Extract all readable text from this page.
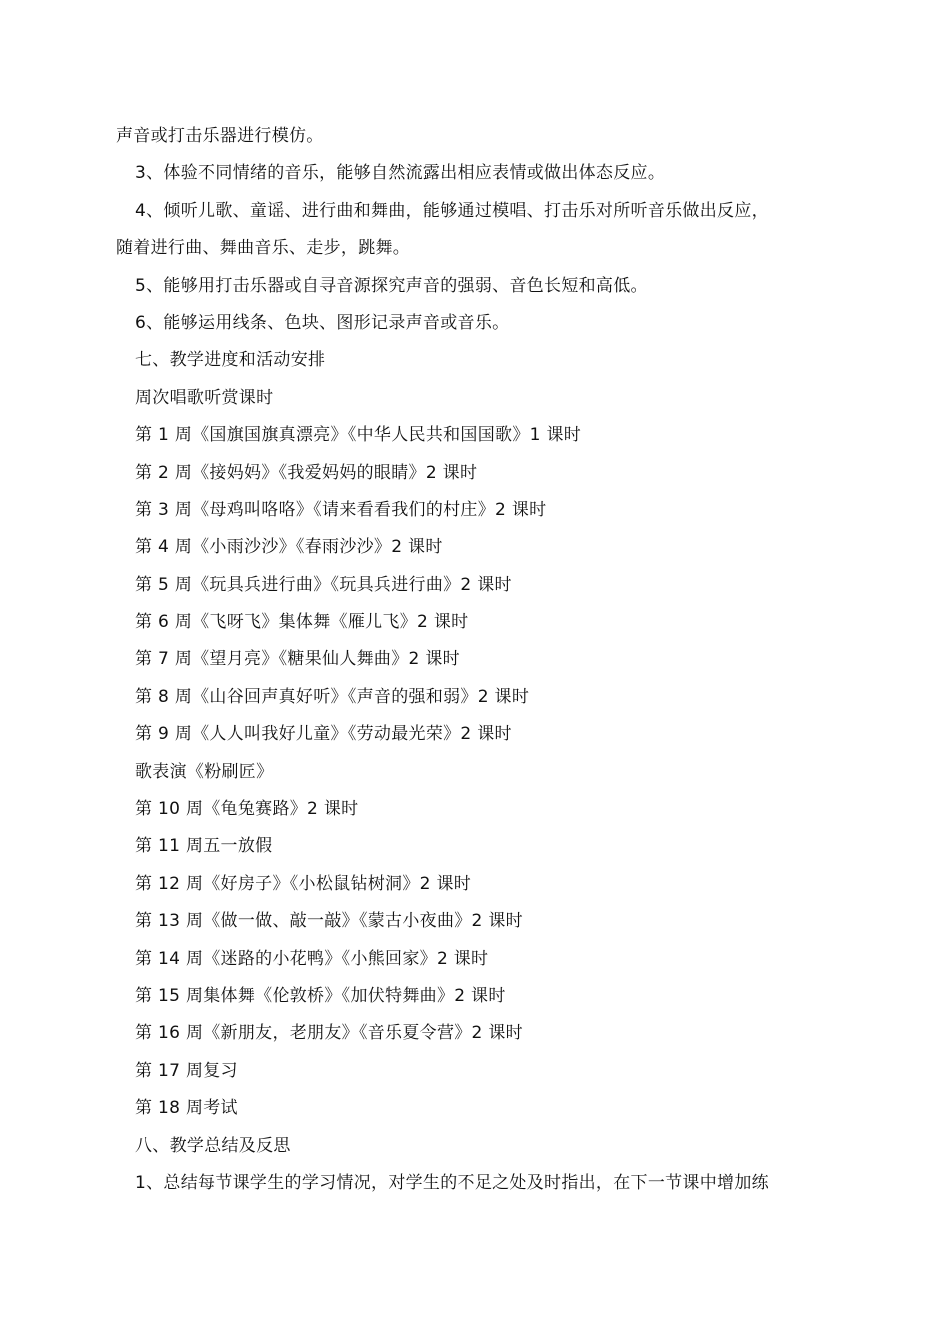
声音或打击乐器进行模仿。
3、体验不同情绪的音乐，能够自然流露出相应表情或做出体态反应。
4、倾听儿歌、童谣、进行曲和舞曲，能够通过模唱、打击乐对所听音乐做出反应，
随着进行曲、舞曲音乐、走步，跳舞。
5、能够用打击乐器或自寻音源探究声音的强弱、音色长短和高低。
6、能够运用线条、色块、图形记录声音或音乐。
七、教学进度和活动安排
周次唱歌听赏课时
第 1 周《国旗国旗真漂亮》《中华人民共和国国歌》1 课时
第 2 周《接妈妈》《我爱妈妈的眼睛》2 课时
第 3 周《母鸡叫咯咯》《请来看看我们的村庄》2 课时
第 4 周《小雨沙沙》《春雨沙沙》2 课时
第 5 周《玩具兵进行曲》《玩具兵进行曲》2 课时
第 6 周《飞呀飞》集体舞《雁儿飞》2 课时
第 7 周《望月亮》《糖果仙人舞曲》2 课时
第 8 周《山谷回声真好听》《声音的强和弱》2 课时
第 9 周《人人叫我好儿童》《劳动最光荣》2 课时
歌表演《粉刷匠》
第 10 周《龟兔赛路》2 课时
第 11 周五一放假
第 12 周《好房子》《小松鼠钻树洞》2 课时
第 13 周《做一做、敲一敲》《蒙古小夜曲》2 课时
第 14 周《迷路的小花鸭》《小熊回家》2 课时
第 15 周集体舞《伦敦桥》《加伏特舞曲》2 课时
第 16 周《新朋友，老朋友》《音乐夏令营》2 课时
第 17 周复习
第 18 周考试
八、教学总结及反思
1、总结每节课学生的学习情况，对学生的不足之处及时指出，在下一节课中增加练
